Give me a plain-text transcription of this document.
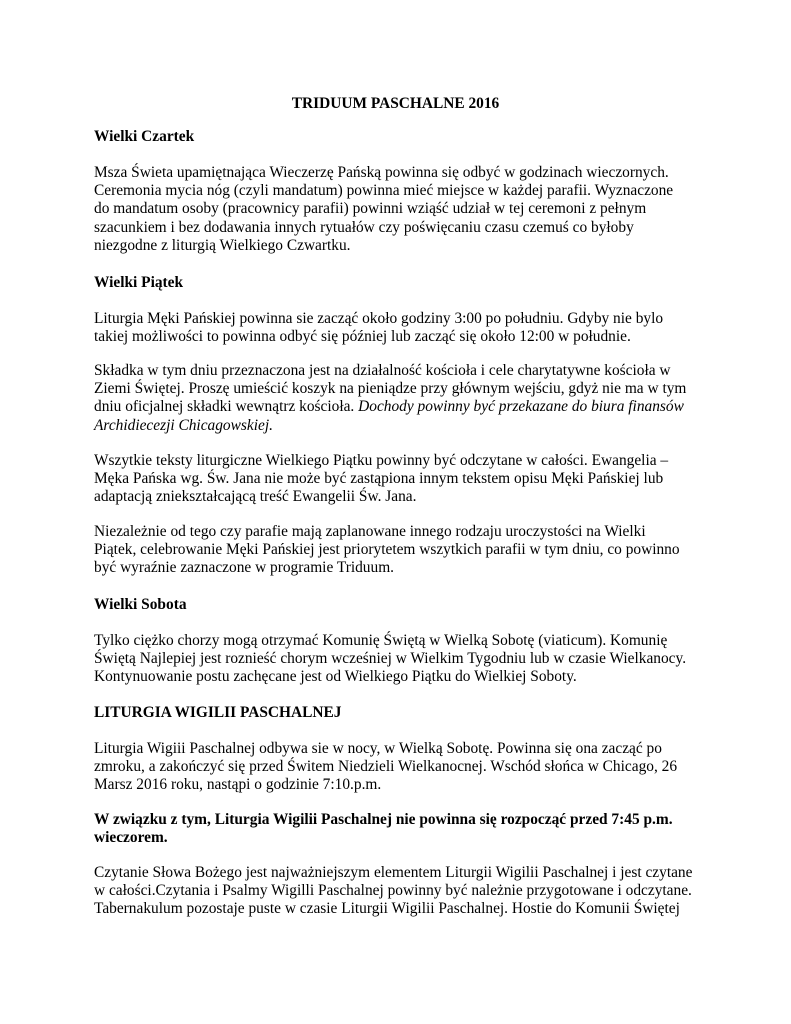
TRIDUUM PASCHALNE 2016
Wielki Czartek

Msza Świeta upamiętnająca Wieczerzę Pańską powinna się odbyć w godzinach wieczornych.
Ceremonia mycia nóg (czyli mandatum) powinna mieć miejsce w każdej parafii. Wyznaczone
do mandatum osoby (pracownicy parafii) powinni wziąść udział w tej ceremoni z pełnym
szacunkiem i bez dodawania innych rytuałów czy poświęcaniu czasu czemuś co byłoby
niezgodne z liturgią Wielkiego Czwartku.

Wielki Piątek

Liturgia Męki Pańskiej powinna sie zacząć około godziny 3:00 po południu. Gdyby nie bylo
takiej możliwości to powinna odbyć się później lub zacząć się około 12:00 w południe.

Składka w tym dniu przeznaczona jest na działalność kościoła i cele charytatywne kościoła w
Ziemi Świętej. Proszę umieścić koszyk na pieniądze przy głównym wejściu, gdyż nie ma w tym
dniu oficjalnej składki wewnątrz kościoła. Dochody powinny być przekazane do biura finansów
Archidiecezji Chicagowskiej.

Wszytkie teksty liturgiczne Wielkiego Piątku powinny być odczytane w całości. Ewangelia –
Męka Pańska wg. Św. Jana nie może być zastąpiona innym tekstem opisu Męki Pańskiej lub
adaptacją zniekształcającą treść Ewangelii Św. Jana.

Niezależnie od tego czy parafie mają zaplanowane innego rodzaju uroczystości na Wielki
Piątek, celebrowanie Męki Pańskiej jest priorytetem wszytkich parafii w tym dniu, co powinno
być wyraźnie zaznaczone w programie Triduum.

Wielki Sobota

Tylko ciężko chorzy mogą otrzymać Komunię Świętą w Wielką Sobotę (viaticum). Komunię
Świętą Najlepiej jest roznieść chorym wcześniej w Wielkim Tygodniu lub w czasie Wielkanocy.
Kontynuowanie postu zachęcane jest od Wielkiego Piątku do Wielkiej Soboty.

LITURGIA WIGILII PASCHALNEJ

Liturgia Wigiii Paschalnej odbywa sie w nocy, w Wielką Sobotę. Powinna się ona zacząć po
zmroku, a zakończyć się przed Świtem Niedzieli Wielkanocnej. Wschód słońca w Chicago, 26
Marsz 2016 roku, nastąpi o godzinie 7:10.p.m.

W związku z tym, Liturgia Wigilii Paschalnej nie powinna się rozpocząć przed 7:45 p.m.
wieczorem.

Czytanie Słowa Bożego jest najważniejszym elementem Liturgii Wigilii Paschalnej i jest czytane
w całości.Czytania i Psalmy Wigilli Paschalnej powinny być należnie przygotowane i odczytane.
Tabernakulum pozostaje puste w czasie Liturgii Wigilii Paschalnej. Hostie do Komunii Świętej
